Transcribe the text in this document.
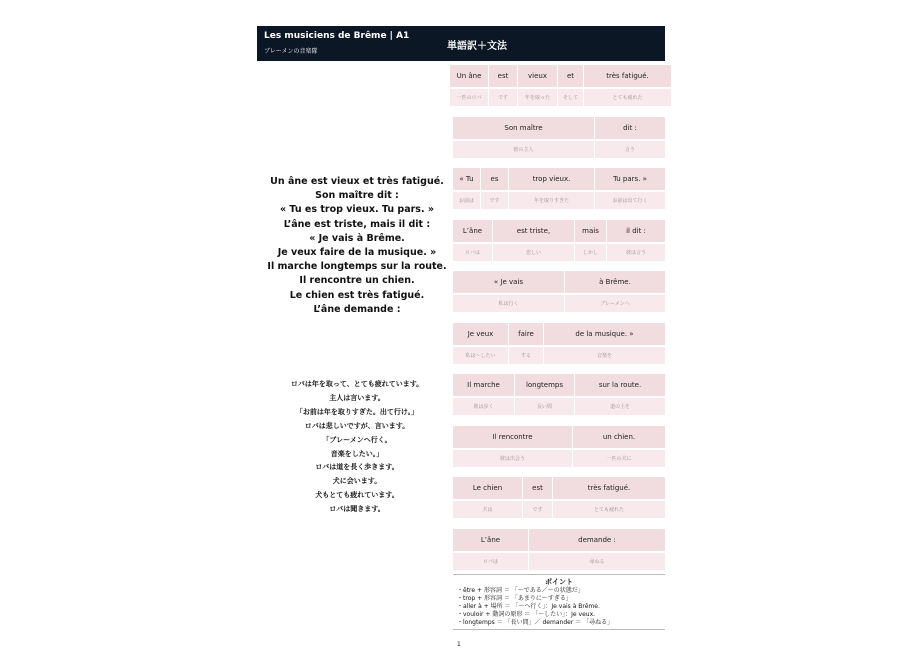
Les musiciens de Brême | A1
ブレーメンの音楽隊	単語訳＋文法
Un âne est vieux et très fatigué.
Son maître dit :
« Tu es trop vieux. Tu pars. »
L’âne est triste, mais il dit :
« Je vais à Brême.
Je veux faire de la musique. »
Il marche longtemps sur la route.
Il rencontre un chien.
Le chien est très fatigué.
L’âne demande :
ロバは年を取って、とても疲れています。
主人は言います。
「お前は年を取りすぎた。出て行け。」
ロバは悲しいですが、言います。
「ブレーメンへ行く。
音楽をしたい。」
ロバは道を長く歩きます。
犬に会います。
犬もとても疲れています。
ロバは聞きます。
Un âne	est	vieux	et	très fatigué.
一匹のロバ	です	年を取った	そして	とても疲れた
Son maître	dit :
彼の主人	言う
« Tu	es	trop vieux.	Tu pars. »
お前は	です	年を取りすぎた	お前は出て行く
L’âne	est triste,	mais	il dit :
ロバは	悲しい	しかし	彼は言う
« Je vais	à Brême.
私は行く	ブレーメンへ
Je veux	faire	de la musique. »
私は〜したい	する	音楽を
Il marche	longtemps	sur la route.
彼は歩く	長い間	道の上を
Il rencontre	un chien.
彼は出会う	一匹の犬に
Le chien	est	très fatigué.
犬は	です	とても疲れた
L’âne	demande :
ロバは	尋ねる
ポイント
・être + 形容詞 ＝ 「〜である／〜の状態だ」
・trop + 形容詞 ＝ 「あまりに〜すぎる」
・aller à + 場所 ＝ 「〜へ行く」：Je vais à Brême.
・vouloir + 動詞の原形 ＝ 「〜したい」：Je veux.
・longtemps ＝ 「長い間」／ demander ＝ 「尋ねる」
1
